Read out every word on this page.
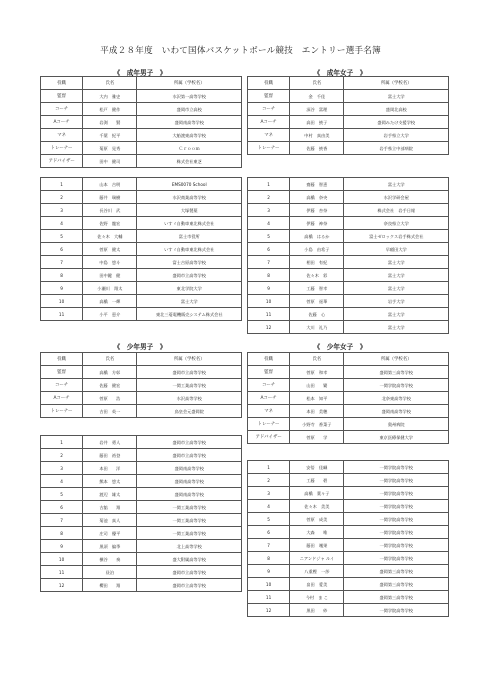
平成２８年度　いわて国体バスケットボール競技　エントリー選手名簿
《　成年男子　》	《　成年女子　》
《　少年男子　》	《　少年女子　》
役職	氏名	所属（学校名）
監督	大内　雅史	水沢第一高等学校
コーチ	松戸　健作	盛岡市立高校
Aコーチ	岩渕　　賢	盛岡南高等学校
マネ	千葉　紀平	大船渡東高等学校
トレーナー	菊原　見秀	Ｃｒｏｏｍ
アドバイザー	田中　健司	株式会社東芝
1	山本　吉明	EMS0070 School
2	藤井　瑞樹	水沢商業高等学校
3	長谷川　武	大塚製薬
4	佐野　龍宏	いすゞ自動車東北株式会社
5	佐々木　大輔	富士市役所
6	菅原　健太	いすゞ自動車東北株式会社
7	中島　悠斗	富士吉原高等学校
8	田中鍵　健	盛岡市立高等学校
9	小瀬川　翔太	東北学院大学
10	高橋　一輝	富士大学
11	小平　恵介	東北三菱電機販売システム株式会社
役職	氏名	所属（学校名）
監督	金　千佳	富士大学
コーチ	深谷　富理	盛岡北高校
Aコーチ	高田　綾子	盛岡みたけ支援学校
マネ	中村　真由美	岩手県立大学
トレーナー	佐藤　綾香	岩手県立中部病院
1	齋藤　智恵	富士大学
2	高橋　奈央	水沢学研会屋
3	伊藤　杏奈	株式会社　岩手日報
4	伊藤　神奈	奈良県立大学
5	高橋　はるか	富士ゼロックス岩手株式会社
6	小島　由希子	早稲田大学
7	相田　有紀	富士大学
8	佐々木　彩	富士大学
9	工藤　智幸	富士大学
10	菅原　遥華	岩手大学
11	佐藤　心	富士大学
12	大川　礼乃	富士大学
役職	氏名	所属（学校名）
監督	高橋　方彰	盛岡市立高等学校
コーチ	佐藤　健宏	一関工業高等学校
Aコーチ	菅原　　浩	水沢高等学校
トレーナー	吉田　英一	鳥皇会元盛岡院
1	岩井　勇人	盛岡市立高等学校
2	藤田　裕登	盛岡市立高等学校
3	本田　　洋	盛岡南高等学校
4	熊本　悠太	盛岡南高等学校
5	渡辺　雄太	盛岡南高等学校
6	古舘　　翔	一関工業高等学校
7	菊池　真人	一関工業高等学校
8	庄司　優平	一関工業高等学校
9	黒須　偏季	北上高等学校
10	横谷　　奏	盛大附属高等学校
11	昼泊　　　	盛岡市立高等学校
12	櫻田　　翔	盛岡市立高等学校
役職	氏名	所属（学校名）
監督	菅原　和幸	盛岡第三高等学校
コーチ	山田　　繁	一関学院高等学校
Aコーチ	松本　知平	北奈東高等学校
マネ	本田　美穂	盛岡南高等学校
トレーナー	小野寺　香菜子	奥州病院
アドバイザー	菅原　　学	東京医療保健大学
1	安倍　佳織	一関学院高等学校
2	工藤　　碧	一関学院高等学校
3	高橋　葉々子	一関学院高等学校
4	佐々木　美美	一関学院高等学校
5	菅原　成美	一関学院高等学校
6	大森　　唯	一関学院高等学校
7	藤田　颯果	一関学院高等学校
8	ニアンドジャ ルイ	一関学院高等学校
9	八重樫　一莎	盛岡第三高等学校
10	畠田　愛美	盛岡第三高等学校
11	今村　ま こ	盛岡第三高等学校
12	黒田　　紗	一関学院高等学校
